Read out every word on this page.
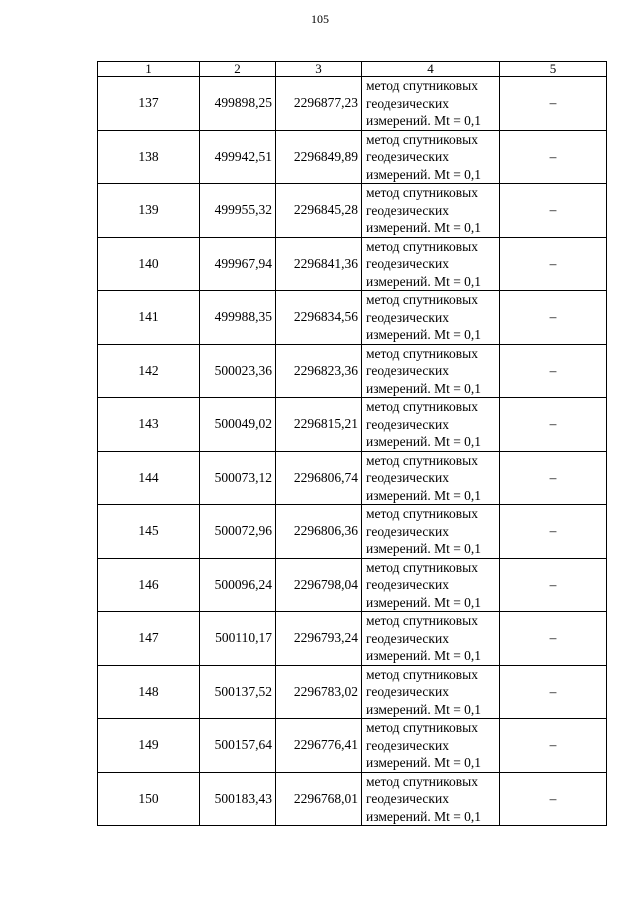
105
1	2	3	4	5
137	499898,25	2296877,23	метод спутниковых
геодезических
измерений. Mt = 0,1	–
138	499942,51	2296849,89	метод спутниковых
геодезических
измерений. Mt = 0,1	–
139	499955,32	2296845,28	метод спутниковых
геодезических
измерений. Mt = 0,1	–
140	499967,94	2296841,36	метод спутниковых
геодезических
измерений. Mt = 0,1	–
141	499988,35	2296834,56	метод спутниковых
геодезических
измерений. Mt = 0,1	–
142	500023,36	2296823,36	метод спутниковых
геодезических
измерений. Mt = 0,1	–
143	500049,02	2296815,21	метод спутниковых
геодезических
измерений. Mt = 0,1	–
144	500073,12	2296806,74	метод спутниковых
геодезических
измерений. Mt = 0,1	–
145	500072,96	2296806,36	метод спутниковых
геодезических
измерений. Mt = 0,1	–
146	500096,24	2296798,04	метод спутниковых
геодезических
измерений. Mt = 0,1	–
147	500110,17	2296793,24	метод спутниковых
геодезических
измерений. Mt = 0,1	–
148	500137,52	2296783,02	метод спутниковых
геодезических
измерений. Mt = 0,1	–
149	500157,64	2296776,41	метод спутниковых
геодезических
измерений. Mt = 0,1	–
150	500183,43	2296768,01	метод спутниковых
геодезических
измерений. Mt = 0,1	–
